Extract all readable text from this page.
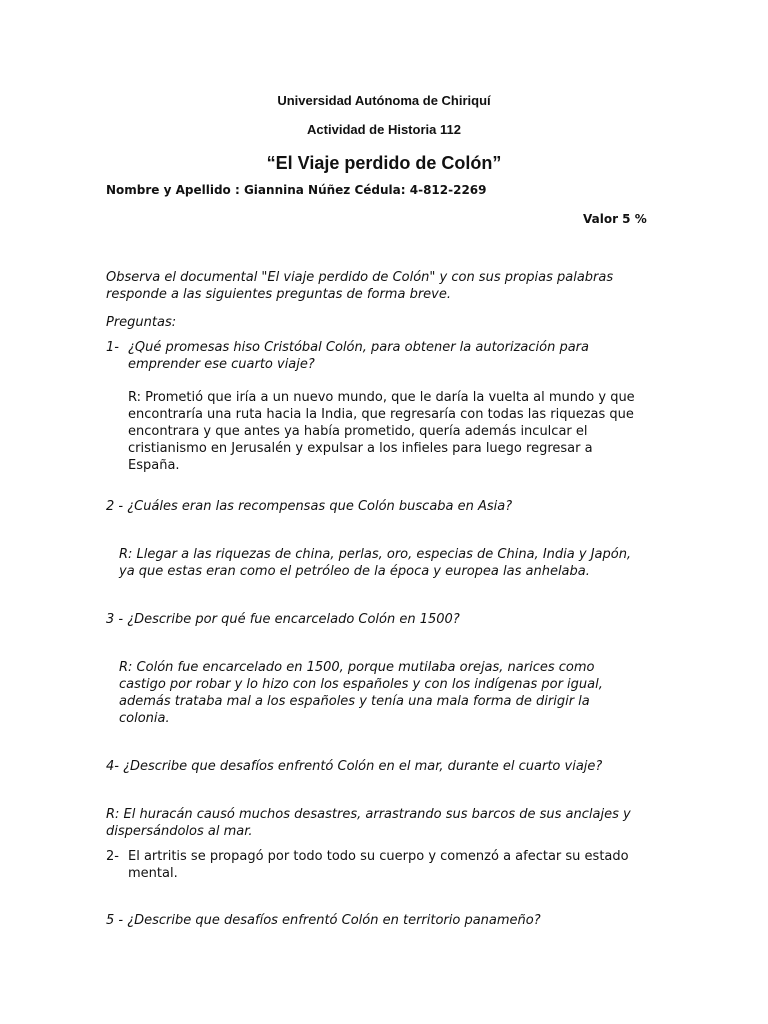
Universidad Autónoma de Chiriquí
Actividad de Historia 112
“El Viaje perdido de Colón”
Nombre y Apellido : Giannina Núñez Cédula: 4-812-2269
Valor 5 %

Observa el documental "El viaje perdido de Colón" y con sus propias palabras
responde a las siguientes preguntas de forma breve.

Preguntas:

1- ¿Qué promesas hiso Cristóbal Colón, para obtener la autorización para
emprender ese cuarto viaje?

R: Prometió que iría a un nuevo mundo, que le daría la vuelta al mundo y que
encontraría una ruta hacia la India, que regresaría con todas las riquezas que
encontrara y que antes ya había prometido, quería además inculcar el
cristianismo en Jerusalén y expulsar a los infieles para luego regresar a
España.

2 - ¿Cuáles eran las recompensas que Colón buscaba en Asia?

R: Llegar a las riquezas de china, perlas, oro, especias de China, India y Japón,
ya que estas eran como el petróleo de la época y europea las anhelaba.

3 - ¿Describe por qué fue encarcelado Colón en 1500?

R: Colón fue encarcelado en 1500, porque mutilaba orejas, narices como
castigo por robar y lo hizo con los españoles y con los indígenas por igual,
además trataba mal a los españoles y tenía una mala forma de dirigir la
colonia.

4- ¿Describe que desafíos enfrentó Colón en el mar, durante el cuarto viaje?

R: El huracán causó muchos desastres, arrastrando sus barcos de sus anclajes y
dispersándolos al mar.

2- El artritis se propagó por todo todo su cuerpo y comenzó a afectar su estado
mental.

5 - ¿Describe que desafíos enfrentó Colón en territorio panameño?
